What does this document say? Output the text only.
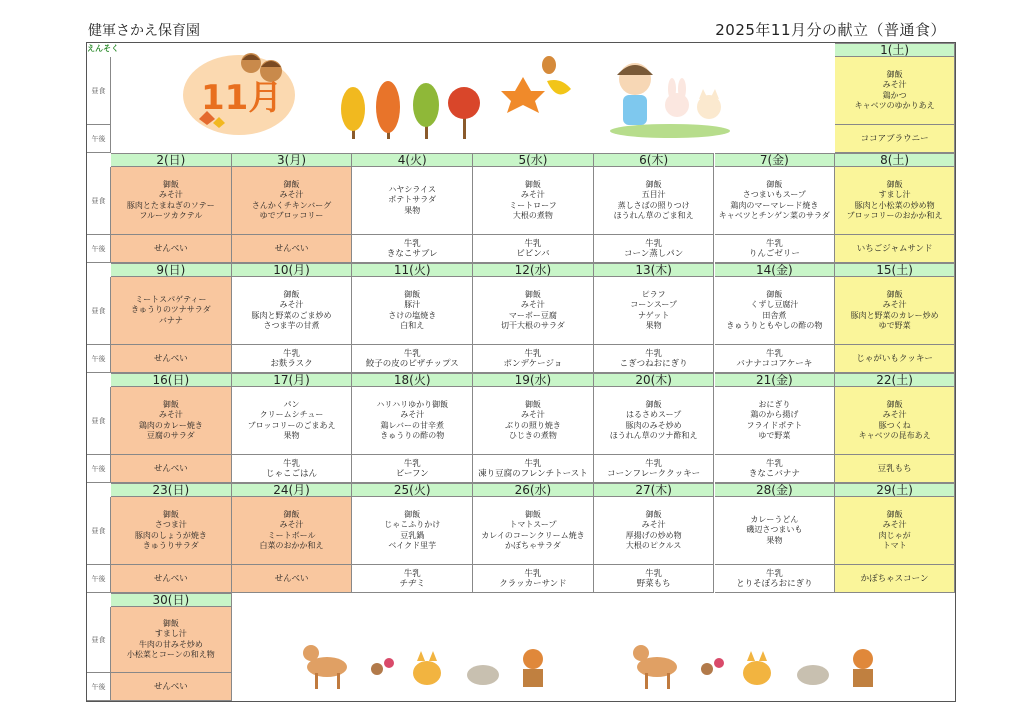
健軍さかえ保育園	2025年11月分の献立（普通食）
11月
昼食
午後
1(土)
御飯
みそ汁
鶏かつ
キャベツのゆかりあえ
ココアブラウニー
昼食
午後
2(日)
御飯
みそ汁
豚肉とたまねぎのソテー
フルーツカクテル
せんべい
3(月)
御飯
みそ汁
さんかくチキンバーグ
ゆでブロッコリー
せんべい
4(火)
ハヤシライス
ポテトサラダ
果物
牛乳
きなこサブレ
5(水)
御飯
みそ汁
ミートローフ
大根の煮物
牛乳
ビビンバ
6(木)
御飯
五目汁
蒸しさばの照りつけ
ほうれん草のごま和え
牛乳
コーン蒸しパン
7(金)
御飯
さつまいもスープ
鶏肉のマーマレード焼き
キャベツとチンゲン菜のサラダ
牛乳
りんごゼリー
8(土)
御飯
すまし汁
豚肉と小松菜の炒め物
ブロッコリーのおかか和え
いちごジャムサンド
昼食
午後
9(日)
ミートスパゲティー
きゅうりのツナサラダ
バナナ
せんべい
10(月)
御飯
みそ汁
豚肉と野菜のごま炒め
さつま芋の甘煮
牛乳
お麩ラスク
11(火)
御飯
豚汁
さけの塩焼き
白和え
牛乳
餃子の皮のピザチップス
12(水)
御飯
みそ汁
マーボー豆腐
切干大根のサラダ
牛乳
ポンデケージョ
13(木)
ピラフ
コーンスープ
ナゲット
果物
牛乳
こぎつねおにぎり
14(金)
御飯
くずし豆腐汁
田舎煮
きゅうりともやしの酢の物
牛乳
バナナココアケーキ
15(土)
御飯
みそ汁
豚肉と野菜のカレー炒め
ゆで野菜
じゃがいもクッキー
昼食
午後
16(日)
御飯
みそ汁
鶏肉のカレー焼き
豆腐のサラダ
せんべい
17(月)
パン
クリームシチュー
ブロッコリーのごまあえ
果物
牛乳
じゃこごはん
18(火)
ハリハリゆかり御飯
みそ汁
鶏レバーの甘辛煮
きゅうりの酢の物
牛乳
ビーフン
19(水)
御飯
みそ汁
ぶりの照り焼き
ひじきの煮物
牛乳
凍り豆腐のフレンチトースト
20(木)
御飯
はるさめスープ
豚肉のみそ炒め
ほうれん草のツナ酢和え
牛乳
コーンフレーククッキー
21(金)
おにぎり
鶏のから揚げ
フライドポテト
ゆで野菜
牛乳
きなこバナナ
22(土)
御飯
みそ汁
豚つくね
キャベツの昆布あえ
豆乳もち
昼食
午後
23(日)
御飯
さつま汁
豚肉のしょうが焼き
きゅうりサラダ
せんべい
24(月)
御飯
みそ汁
ミートボール
白菜のおかか和え
せんべい
25(火)
御飯
じゃこふりかけ
豆乳鍋
ベイクド里芋
牛乳
チヂミ
26(水)
御飯
トマトスープ
カレイのコーンクリーム焼き
かぼちゃサラダ
牛乳
クラッカーサンド
27(木)
御飯
みそ汁
厚揚げの炒め物
大根のピクルス
牛乳
野菜もち
28(金)
カレーうどん
磯辺さつまいも
果物
牛乳
とりそぼろおにぎり
29(土)
御飯
みそ汁
肉じゃが
トマト
かぼちゃスコーン
昼食
午後
30(日)
御飯
すまし汁
牛肉の甘みそ炒め
小松菜とコーンの和え物
せんべい
えんそく
